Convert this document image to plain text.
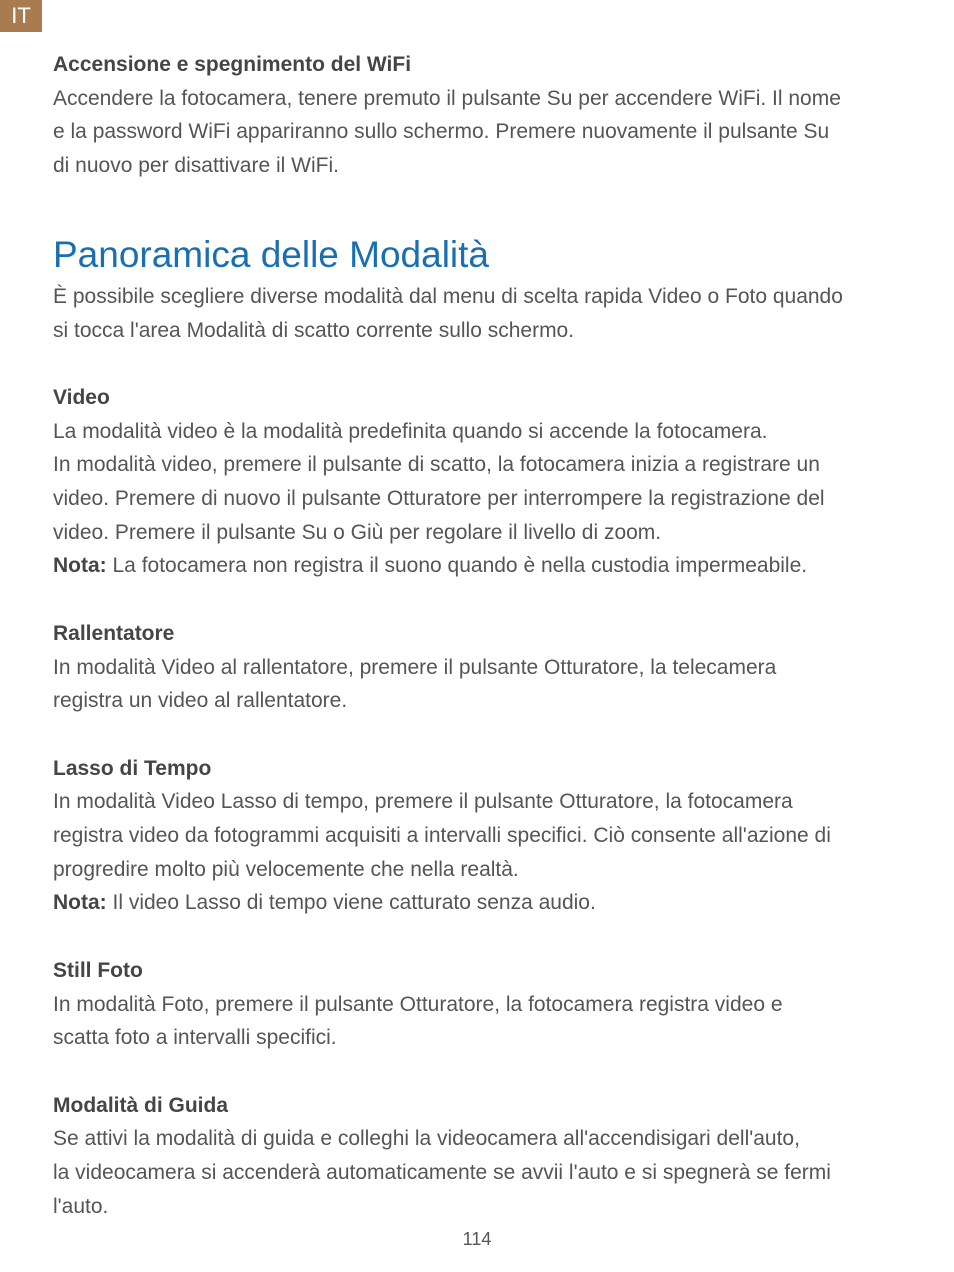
IT
Accensione e spegnimento del WiFi

Accendere la fotocamera, tenere premuto il pulsante Su per accendere WiFi. Il nome

e la password WiFi appariranno sullo schermo. Premere nuovamente il pulsante Su

di nuovo per disattivare il WiFi.

Panoramica delle Modalità

È possibile scegliere diverse modalità dal menu di scelta rapida Video o Foto quando

si tocca l'area Modalità di scatto corrente sullo schermo.

Video

La modalità video è la modalità predefinita quando si accende la fotocamera.

In modalità video, premere il pulsante di scatto, la fotocamera inizia a registrare un

video. Premere di nuovo il pulsante Otturatore per interrompere la registrazione del

video. Premere il pulsante Su o Giù per regolare il livello di zoom.

Nota: La fotocamera non registra il suono quando è nella custodia impermeabile.

Rallentatore

In modalità Video al rallentatore, premere il pulsante Otturatore, la telecamera

registra un video al rallentatore.

Lasso di Tempo

In modalità Video Lasso di tempo, premere il pulsante Otturatore, la fotocamera

registra video da fotogrammi acquisiti a intervalli specifici. Ciò consente all'azione di

progredire molto più velocemente che nella realtà.

Nota: Il video Lasso di tempo viene catturato senza audio.

Still Foto

In modalità Foto, premere il pulsante Otturatore, la fotocamera registra video e

scatta foto a intervalli specifici.

Modalità di Guida

Se attivi la modalità di guida e colleghi la videocamera all'accendisigari dell'auto,

la videocamera si accenderà automaticamente se avvii l'auto e si spegnerà se fermi

l'auto.

114
